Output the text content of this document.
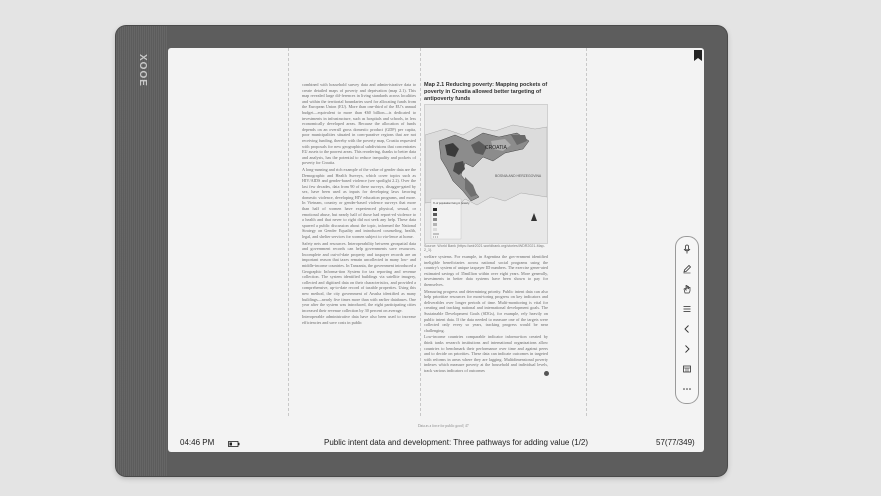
XOOE	combined with household survey data and admin-istrative data to create detailed maps of poverty and deprivation (map 2.1). This map revealed large dif-ferences in living standards across localities and within the territorial boundaries used for allocating funds from the European Union (EU). More than one-third of the EU's annual budget—equivalent to more than €60 billion—is dedicated to investments in infrastructure, such as hospitals and schools, in less economically developed areas. Because the allocation of funds depends on an overall gross domestic product (GDP) per capita, poor municipalities situated in com-parative regions that are not receiving funding, thereby with the poverty map, Croatia requested with proposals for new geographical subdivisions that concentrates EU assets to the poorest areas. This reordering, thanks to better data and analysis, has the potential to reduce inequality and pockets of poverty for Croatia.

A long-running and rich example of the value of gender data are the Demographic and Health Surveys, which cover topics such as HIV/AIDS and gender-based violence (see spotlight 2.2). Over the last few decades, data from 90 of these surveys, disaggre-gated by sex, have been used as inputs for developing laws favoring domestic violence, developing HIV education programs, and more. In Vietnam, country or gender-based violence surveys that more than half of women have experienced physical, sexual, or emotional abuse, but nearly half of those had report-ed violence to a health and that never to right did not seek any help. These data spurred a public discussion about the topic, informed the National Strategy on Gender Equality and introduced counseling, health, legal, and shelter services for women subject to vio-lence at home.

Safety nets and resources. Interoperability between geospatial data and government records can help governments save resources. Incomplete and out-of-date property and taxpayer records are an important reason that taxes remain uncollected in many low- and middle-income countries. In Tanzania, the government introduced a Geographic Informa-tion System for tax reporting and revenue collection. The system identified buildings via satellite imagery, collected and digitized data on their characteristics, and provided a comprehensive, up-to-date record of taxable properties. Using this new method, the city government of Arusha identified as many buildings—nearly five times more than with earlier databases. One year after the system was introduced, the eight participating cities increased their revenue collection by 30 percent on average.

Interoperable administrative data have also been used to increase efficiencies and save costs in public

Map 2.1 Reducing poverty: Mapping pockets of poverty in Croatia allowed better targeting of antipoverty funds
CROATIA
BOSNIA AND HERZEGOVINA
% of population living in poverty
Source: World Bank (https://wdr2021.worldbank.org/stories/WDR2021-Map-2_1).

welfare systems. For example, in Argentina the gov-ernment identified ineligible beneficiaries across national social programs using the country's system of unique taxpayer ID numbers. The exercise gener-ated estimated savings of 35million within over eight years. More generally, investments in better data systems have been shown to pay for themselves.

Measuring progress and determining priority. Public intent data can also help prioritize resources for moni-toring progress on key indicators and deliverables over longer periods of time. Multi-monitoring is vital for creating and tracking national and international development goals. The Sustainable Development Goals (SDGs), for example, rely heavily on public intent data. If the data needed to measure one of the targets were collected only every so years, tracking progress would be near challenging.

Low-income countries comparable indicator informa-tion created by think tanks research institutions and international organizations allow countries to benchmark their performance over time and against peers and to decide on priorities. These data can indicate outcomes in targeted with reforms in areas where they are lagging. Multidimensional poverty indexes which measure poverty at the household and individual levels, track various indicators of outcomes

Data as a force for public good | 47
04:46 PM	Public intent data and development: Three pathways for adding value (1/2)	57(77/349)
